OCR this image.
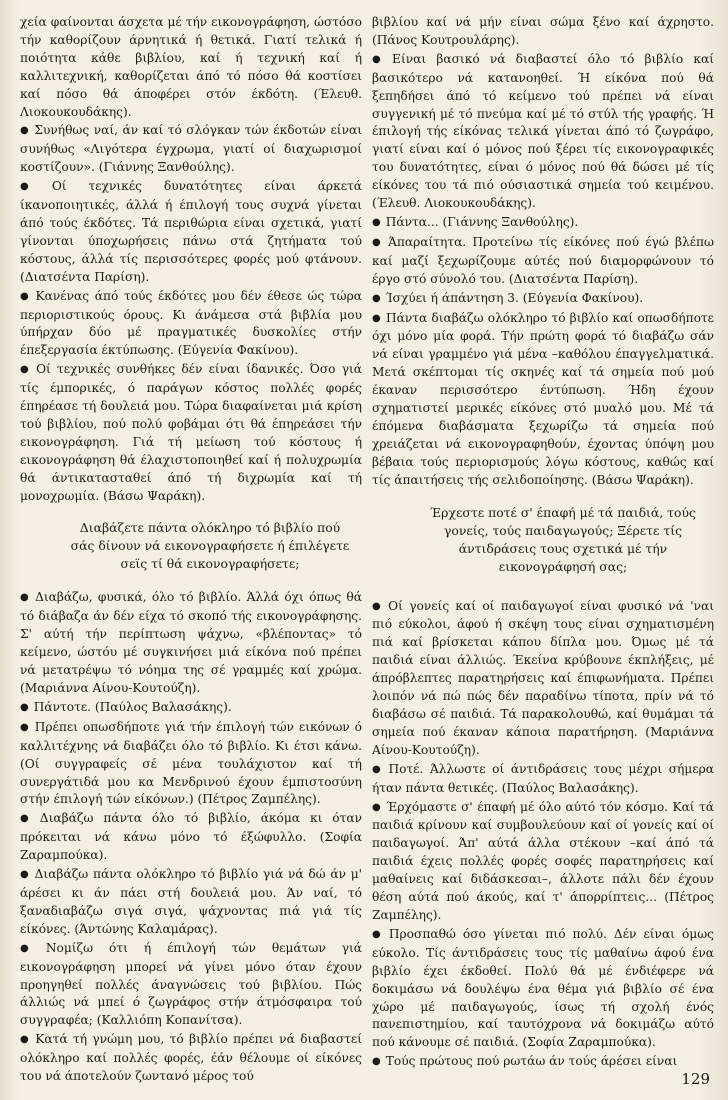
χεία φαίνονται άσχετα μέ τήν εικονογράφηση, ώστόσο τήν καθορίζουν άρνητικά ή θετικά. Γιατί τελικά ή ποιότητα κάθε βιβλίου, καί ή τεχνική καί ή καλλιτεχνική, καθορίζεται άπό τό πόσο θά κοστίσει καί πόσο θά άποφέρει στόν έκδότη. (Έλευθ. Λιοκουκουδάκης).

● Συνήθως ναί, άν καί τό σλόγκαν τών έκδοτών είναι συνήθως «Λιγότερα έγχρωμα, γιατί οί διαχωρισμοί κοστίζουν». (Γιάννης Ξανθούλης).

● Οί τεχνικές δυνατότητες είναι άρκετά ίκανοποιητικές, άλλά ή έπιλογή τους συχνά γίνεται άπό τούς έκδότες. Τά περιθώρια είναι σχετικά, γιατί γίνονται ύποχωρήσεις πάνω στά ζητήματα τού κόστους, άλλά τίς περισσότερες φορές μού φτάνουν. (Διατσέντα Παρίση).

● Κανένας άπό τούς έκδότες μου δέν έθεσε ώς τώρα περιοριστικούς όρους. Κι άνάμεσα στά βιβλία μου ύπήρχαν δύο μέ πραγματικές δυσκολίες στήν έπεξεργασία έκτύπωσης. (Εύγενία Φακίνου).

● Οί τεχνικές συνθήκες δέν είναι ίδανικές. Όσο γιά τίς έμπορικές, ό παράγων κόστος πολλές φορές έπηρέασε τή δουλειά μου. Τώρα διαφαίνεται μιά κρίση τού βιβλίου, πού πολύ φοβάμαι ότι θά έπηρεάσει τήν εικονογράφηση. Γιά τή μείωση τού κόστους ή εικονογράφηση θά έλαχιστοποιηθεί καί ή πολυχρωμία θά άντικατασταθεί άπό τή διχρωμία καί τή μονοχρωμία. (Βάσω Ψαράκη).

Διαβάζετε πάντα ολόκληρο τό βιβλίο πού σάς δίνουν νά εικονογραφήσετε ή έπιλέγετε σεϊς τί θά εικονογραφήσετε;

● Διαβάζω, φυσικά, όλο τό βιβλίο. Άλλά όχι όπως θά τό διάβαζα άν δέν είχα τό σκοπό τής εικονογράφησης. Σ' αύτή τήν περίπτωση ψάχνω, «βλέποντας» τό κείμενο, ώστόυ μέ συγκινήσει μιά είκόνα πού πρέπει νά μετατρέψω τό νόημα της σέ γραμμές καί χρώμα. (Μαριάννα Αίνου-Κουτούζη).

● Πάντοτε. (Παύλος Βαλασάκης).

● Πρέπει οπωσδήποτε γιά τήν έπιλογή τών εικόνων ό καλλιτέχνης νά διαβάζει όλο τό βιβλίο. Κι έτσι κάνω. (Οί συγγραφείς σέ μένα τουλάχιστον καί τή συνεργάτιδά μου κα Μενδρινού έχουν έμπιστοσύνη στήν έπιλογή τών είκόνων.) (Πέτρος Ζαμπέλης).

● Διαβάζω πάντα όλο τό βιβλίο, άκόμα κι όταν πρόκειται νά κάνω μόνο τό έξώφυλλο. (Σοφία Ζαραμπούκα).

● Διαβάζω πάντα ολόκληρο τό βιβλίο γιά νά δώ άν μ' άρέσει κι άν πάει στή δουλειά μου. Άν ναί, τό ξαναδιαβάζω σιγά σιγά, ψάχνοντας πιά γιά τίς είκόνες. (Άντώνης Καλαμάρας).

● Νομίζω ότι ή έπιλογή τών θεμάτων γιά εικονογράφηση μπορεί νά γίνει μόνο όταν έχουν προηγηθεί πολλές άναγνώσεις τού βιβλίου. Πώς άλλιώς νά μπεί ό ζωγράφος στήν άτμόσφαιρα τού συγγραφέα; (Καλλιόπη Κοπανίτσα).

● Κατά τή γνώμη μου, τό βιβλίο πρέπει νά διαβαστεί ολόκληρο καί πολλές φορές, έάν θέλουμε οί είκόνες του νά άποτελούν ζωντανό μέρος τού

βιβλίου καί νά μήν είναι σώμα ξένο καί άχρηστο. (Πάνος Κουτρουλάρης).

● Είναι βασικό νά διαβαστεί όλο τό βιβλίο καί βασικότερο νά κατανοηθεί. Ή είκόνα πού θά ξεπηδήσει άπό τό κείμενο τού πρέπει νά είναι συγγενική μέ τό πνεύμα καί μέ τό στύλ τής γραφής. Ή έπιλογή τής είκόνας τελικά γίνεται άπό τό ζωγράφο, γιατί είναι καί ό μόνος πού ξέρει τίς εικονογραφικές του δυνατότητες, είναι ό μόνος πού θά δώσει μέ τίς είκόνες του τά πιό ούσιαστικά σημεία τού κειμένου. (Έλευθ. Λιοκουκουδάκης).

● Πάντα... (Γιάννης Ξανθούλης).

● Άπαραίτητα. Προτείνω τίς είκόνες πού έγώ βλέπω καί μαζί ξεχωρίζουμε αύτές πού διαμορφώνουν τό έργο στό σύνολό του. (Διατσέντα Παρίση).

● Ίσχύει ή άπάντηση 3. (Εύγενία Φακίνου).

● Πάντα διαβάζω ολόκληρο τό βιβλίο καί οπωσδήποτε όχι μόνο μία φορά. Τήν πρώτη φορά τό διαβάζω σάν νά είναι γραμμένο γιά μένα –καθόλου έπαγγελματικά. Μετά σκέπτομαι τίς σκηνές καί τά σημεία πού μού έκαναν περισσότερο έντύπωση. Ήδη έχουν σχηματιστεί μερικές είκόνες στό μυαλό μου. Μέ τά έπόμενα διαβάσματα ξεχωρίζω τά σημεία πού χρειάζεται νά εικονογραφηθούν, έχοντας ύπόψη μου βέβαια τούς περιορισμούς λόγω κόστους, καθώς καί τίς άπαιτήσεις τής σελιδοποίησης. (Βάσω Ψαράκη).

Έρχεστε ποτέ σ' έπαφή μέ τά παιδιά, τούς γονείς, τούς παιδαγωγούς; Ξέρετε τίς άντιδράσεις τους σχετικά μέ τήν εικονογράφησή σας;

● Οί γονείς καί οί παιδαγωγοί είναι φυσικό νά 'ναι πιό εύκολοι, άφού ή σκέψη τους είναι σχηματισμένη πιά καί βρίσκεται κάπου δίπλα μου. Όμως μέ τά παιδιά είναι άλλιώς. Έκείνα κρύβουνε έκπλήξεις, μέ άπρόβλεπτες παρατηρήσεις καί έπιφωνήματα. Πρέπει λοιπόν νά πώ πώς δέν παραδίνω τίποτα, πρίν νά τό διαβάσω σέ παιδιά. Τά παρακολουθώ, καί θυμάμαι τά σημεία πού έκαναν κάποια παρατήρηση. (Μαριάννα Αίνου-Κουτούζη).

● Ποτέ. Άλλωστε οί άντιδράσεις τους μέχρι σήμερα ήταν πάντα θετικές. (Παύλος Βαλασάκης).

● Έρχόμαστε σ' έπαφή μέ όλο αύτό τόν κόσμο. Καί τά παιδιά κρίνουν καί συμβουλεύουν καί οί γονείς καί οί παιδαγωγοί. Άπ' αύτά άλλα στέκουν –καί άπό τά παιδιά έχεις πολλές φορές σοφές παρατηρήσεις καί μαθαίνεις καί διδάσκεσαι–, άλλοτε πάλι δέν έχουν θέση αύτά πού άκούς, καί τ' άπορρίπτεις... (Πέτρος Ζαμπέλης).

● Προσπαθώ όσο γίνεται πιό πολύ. Δέν είναι όμως εύκολο. Τίς άντιδράσεις τους τίς μαθαίνω άφού ένα βιβλίο έχει έκδοθεί. Πολύ θά μέ ένδιέφερε νά δοκιμάσω νά δουλέψω ένα θέμα γιά βιβλίο σέ ένα χώρο μέ παιδαγωγούς, ίσως τή σχολή ένός πανεπιστημίου, καί ταυτόχρονα νά δοκιμάζω αύτό πού κάνουμε σέ παιδιά. (Σοφία Ζαραμπούκα).

● Τούς πρώτους πού ρωτάω άν τούς άρέσει είναι

129
